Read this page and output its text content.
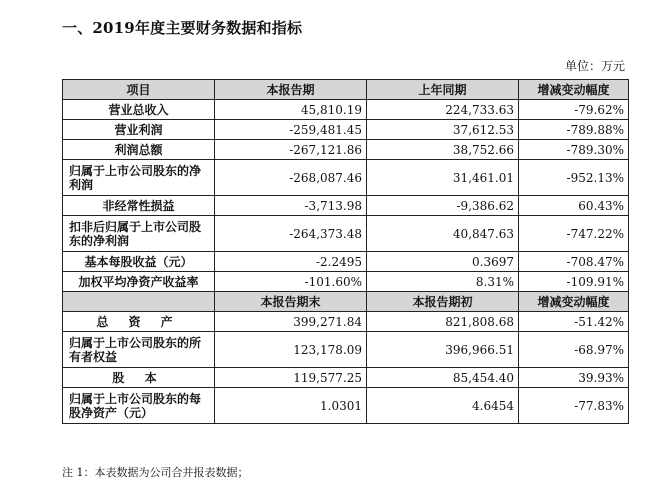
一、2019年度主要财务数据和指标
单位：万元
项目	本报告期	上年同期	增减变动幅度
营业总收入	45,810.19	224,733.63	-79.62%
营业利润	-259,481.45	37,612.53	-789.88%
利润总额	-267,121.86	38,752.66	-789.30%
归属于上市公司股东的净利润	-268,087.46	31,461.01	-952.13%
非经常性损益	-3,713.98	-9,386.62	60.43%
扣非后归属于上市公司股东的净利润	-264,373.48	40,847.63	-747.22%
基本每股收益（元）	-2.2495	0.3697	-708.47%
加权平均净资产收益率	-101.60%	8.31%	-109.91%
	本报告期末	本报告期初	增减变动幅度
总 资 产	399,271.84	821,808.68	-51.42%
归属于上市公司股东的所有者权益	123,178.09	396,966.51	-68.97%
股 本	119,577.25	85,454.40	39.93%
归属于上市公司股东的每股净资产（元）	1.0301	4.6454	-77.83%
注 1：本表数据为公司合并报表数据；
